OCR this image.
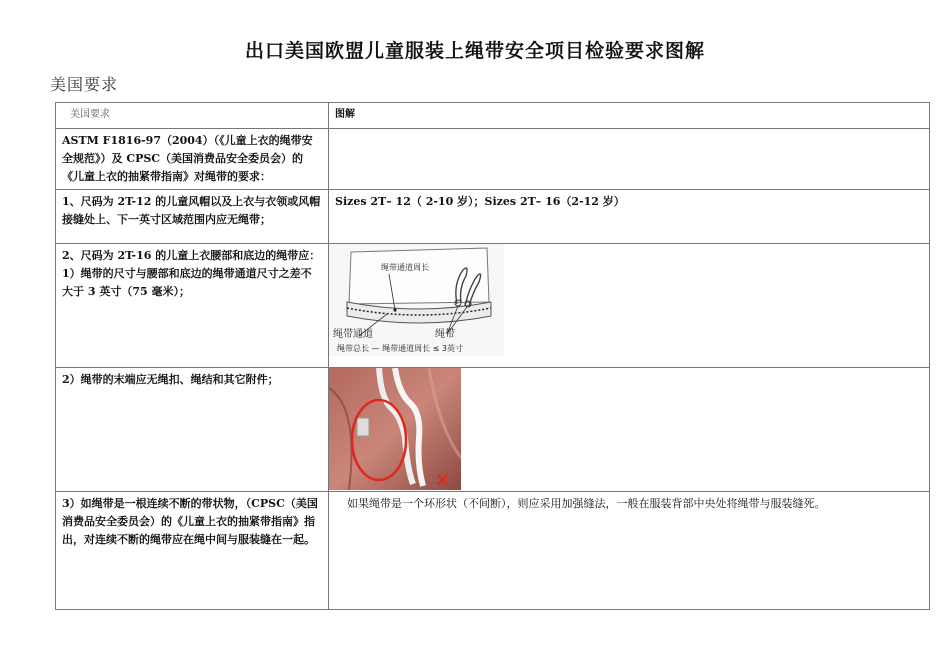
出口美国欧盟儿童服装上绳带安全项目检验要求图解
美国要求
美国要求	图解
ASTM F1816-97（2004）（《儿童上衣的绳带安全规范》）及 CPSC（美国消费品安全委员会）的《儿童上衣的抽紧带指南》对绳带的要求：	
1、尺码为 2T-12 的儿童风帽以及上衣与衣领或风帽接缝处上、下一英寸区域范围内应无绳带；	Sizes 2T– 12（ 2-10 岁）；Sizes 2T– 16（2-12 岁）
2、尺码为 2T-16 的儿童上衣腰部和底边的绳带应：
1）绳带的尺寸与腰部和底边的绳带通道尺寸之差不大于 3 英寸（75 毫米）；	绳带通道周长
绳带通道 绳带
绳带总长 — 绳带通道周长 ≤ 3英寸

2）绳带的末端应无绳扣、绳结和其它附件；	✕

3）如绳带是一根连续不断的带状物，（CPSC（美国消费品安全委员会）的《儿童上衣的抽紧带指南》指出，对连续不断的绳带应在绳中间与服装缝在一起。	如果绳带是一个环形状（不间断），则应采用加强缝法，一般在服装背部中央处将绳带与服装缝死。
